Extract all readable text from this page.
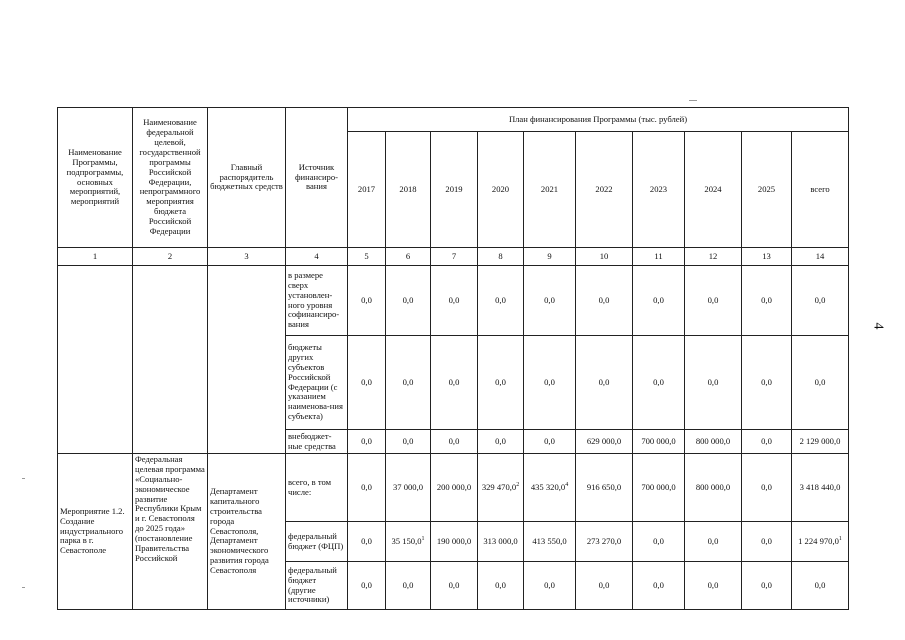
4
Наименование Программы, подпрограммы, основных мероприятий, мероприятий	Наименование федеральной целевой, государственной программы Российской Федерации, непрограммного мероприятия бюджета Российской Федерации	Главный распорядитель бюджетных средств	Источник финансиро-вания	План финансирования Программы (тыс. рублей)									
				2017	2018	2019	2020	2021	2022	2023	2024	2025	всего
1	2	3	4	5	6	7	8	9	10	11	12	13	14
			в размере сверх установлен-ного уровня софинансиро-вания	0,0	0,0	0,0	0,0	0,0	0,0	0,0	0,0	0,0	0,0
			бюджеты других субъектов Российской Федерации (с указанием наименова-ния субъекта)	0,0	0,0	0,0	0,0	0,0	0,0	0,0	0,0	0,0	0,0
			внебюджет-ные средства	0,0	0,0	0,0	0,0	0,0	629 000,0	700 000,0	800 000,0	0,0	2 129 000,0
Мероприятие 1.2. Создание индустриального парка в г. Севастополе	Федеральная целевая программа «Социально-экономическое развитие Республики Крым и г. Севастополя до 2025 года» (постановление Правительства Российской	Департамент капитального строительства города Севастополя, Департамент экономического развития города Севастополя	всего, в том числе:	0,0	37 000,0	200 000,0	329 470,0$^2$	435 320,0$^4$	916 650,0	700 000,0	800 000,0	0,0	3 418 440,0
			федеральный бюджет (ФЦП)	0,0	35 150,0$^1$	190 000,0	313 000,0	413 550,0	273 270,0	0,0	0,0	0,0	1 224 970,0$^1$
			федеральный бюджет (другие источники)	0,0	0,0	0,0	0,0	0,0	0,0	0,0	0,0	0,0	0,0
